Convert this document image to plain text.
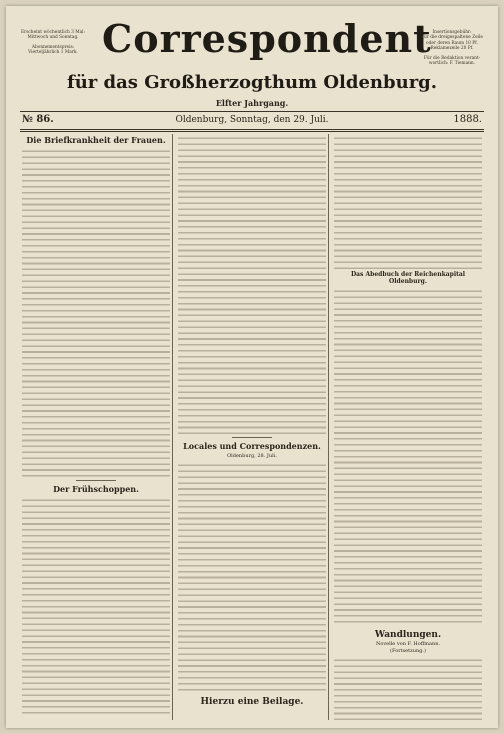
Erscheint wöchentlich 3 Mal:
Mittwoch und Sonntag.
Abonnementspreis:
Vierteljährlich 1 Mark. Correspondent Insertionsgebühr:
Für die dreigespaltene Zeile
oder deren Raum 10 Pf.
Reklamezeile 20 Pf.
Für die Redaktion verant-
wortlich: F. Tiemann.
für das Großherzogthum Oldenburg.
Elfter Jahrgang.
№ 86.	Oldenburg, Sonntag, den 29. Juli.	1888.
Die Briefkrankheit der Frauen.
Der Frühschoppen.
Locales und Correspondenzen.
Oldenburg, 28. Juli.
Hierzu eine Beilage.
Das Abedbuch der Reichenkapital Oldenburg.
Wandlungen.
Novelle von F. Hoffmann.
(Fortsetzung.)
